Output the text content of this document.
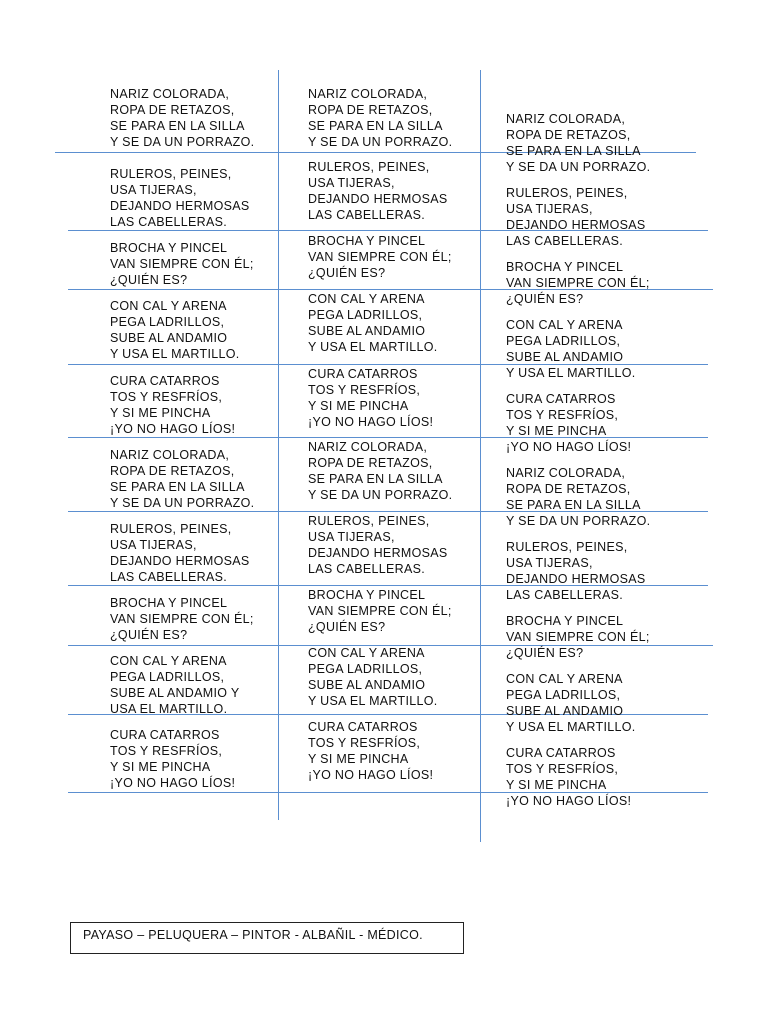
NARIZ COLORADA,
ROPA DE RETAZOS,
SE PARA EN LA SILLA
Y SE DA UN PORRAZO.
RULEROS, PEINES,
USA TIJERAS,
DEJANDO HERMOSAS
LAS CABELLERAS.
BROCHA Y PINCEL
VAN SIEMPRE CON ÉL;
¿QUIÉN ES?
CON CAL Y ARENA
PEGA LADRILLOS,
SUBE AL ANDAMIO
Y USA EL MARTILLO.
CURA CATARROS
TOS Y RESFRÍOS,
Y SI ME PINCHA
¡YO NO HAGO LÍOS!
NARIZ COLORADA,
ROPA DE RETAZOS,
SE PARA EN LA SILLA
Y SE DA UN PORRAZO.
RULEROS, PEINES,
USA TIJERAS,
DEJANDO HERMOSAS
LAS CABELLERAS.
BROCHA Y PINCEL
VAN SIEMPRE CON ÉL;
¿QUIÉN ES?
CON CAL Y ARENA
PEGA LADRILLOS,
SUBE AL ANDAMIO Y
USA EL MARTILLO.
CURA CATARROS
TOS Y RESFRÍOS,
Y SI ME PINCHA
¡YO NO HAGO LÍOS!
NARIZ COLORADA,
ROPA DE RETAZOS,
SE PARA EN LA SILLA
Y SE DA UN PORRAZO.
RULEROS, PEINES,
USA TIJERAS,
DEJANDO HERMOSAS
LAS CABELLERAS.
BROCHA Y PINCEL
VAN SIEMPRE CON ÉL;
¿QUIÉN ES?
CON CAL Y ARENA
PEGA LADRILLOS,
SUBE AL ANDAMIO
Y USA EL MARTILLO.
CURA CATARROS
TOS Y RESFRÍOS,
Y SI ME PINCHA
¡YO NO HAGO LÍOS!
NARIZ COLORADA,
ROPA DE RETAZOS,
SE PARA EN LA SILLA
Y SE DA UN PORRAZO.
RULEROS, PEINES,
USA TIJERAS,
DEJANDO HERMOSAS
LAS CABELLERAS.
BROCHA Y PINCEL
VAN SIEMPRE CON ÉL;
¿QUIÉN ES?
CON CAL Y ARENA
PEGA LADRILLOS,
SUBE AL ANDAMIO
Y USA EL MARTILLO.
CURA CATARROS
TOS Y RESFRÍOS,
Y SI ME PINCHA
¡YO NO HAGO LÍOS!
NARIZ COLORADA,
ROPA DE RETAZOS,
SE PARA EN LA SILLA
Y SE DA UN PORRAZO.
RULEROS, PEINES,
USA TIJERAS,
DEJANDO HERMOSAS
LAS CABELLERAS.
BROCHA Y PINCEL
VAN SIEMPRE CON ÉL;
¿QUIÉN ES?
CON CAL Y ARENA
PEGA LADRILLOS,
SUBE AL ANDAMIO
Y USA EL MARTILLO.
CURA CATARROS
TOS Y RESFRÍOS,
Y SI ME PINCHA
¡YO NO HAGO LÍOS!
NARIZ COLORADA,
ROPA DE RETAZOS,
SE PARA EN LA SILLA
Y SE DA UN PORRAZO.
RULEROS, PEINES,
USA TIJERAS,
DEJANDO HERMOSAS
LAS CABELLERAS.
BROCHA Y PINCEL
VAN SIEMPRE CON ÉL;
¿QUIÉN ES?
CON CAL Y ARENA
PEGA LADRILLOS,
SUBE AL ANDAMIO
Y USA EL MARTILLO.
CURA CATARROS
TOS Y RESFRÍOS,
Y SI ME PINCHA
¡YO NO HAGO LÍOS!
PAYASO – PELUQUERA – PINTOR - ALBAÑIL - MÉDICO.
